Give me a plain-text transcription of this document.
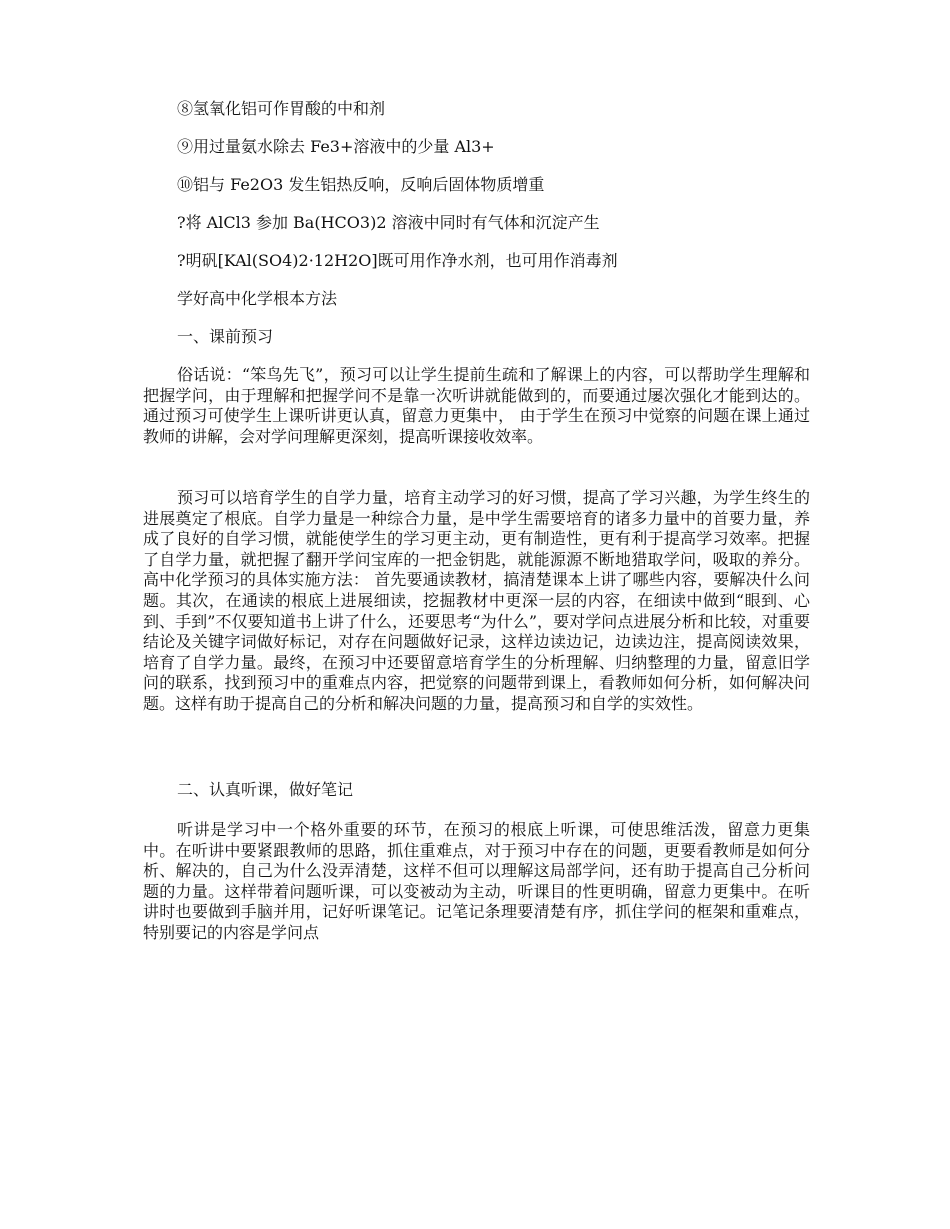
⑧氢氧化铝可作胃酸的中和剂

⑨用过量氨水除去 Fe3+溶液中的少量 Al3+

⑩铝与 Fe2O3 发生铝热反响，反响后固体物质增重

?将 AlCl3 参加 Ba(HCO3)2 溶液中同时有气体和沉淀产生

?明矾[KAl(SO4)2·12H2O]既可用作净水剂，也可用作消毒剂

学好高中化学根本方法

一、课前预习

俗话说：“笨鸟先飞”，预习可以让学生提前生疏和了解课上的内容，可以帮助学生理解和把握学问，由于理解和把握学问不是靠一次听讲就能做到的，而要通过屡次强化才能到达的。通过预习可使学生上课听讲更认真，留意力更集中， 由于学生在预习中觉察的问题在课上通过教师的讲解，会对学问理解更深刻，提高听课接收效率。

预习可以培育学生的自学力量，培育主动学习的好习惯，提高了学习兴趣，为学生终生的进展奠定了根底。自学力量是一种综合力量，是中学生需要培育的诸多力量中的首要力量，养成了良好的自学习惯，就能使学生的学习更主动，更有制造性，更有利于提高学习效率。把握了自学力量，就把握了翻开学问宝库的一把金钥匙，就能源源不断地猎取学问，吸取的养分。高中化学预习的具体实施方法： 首先要通读教材，搞清楚课本上讲了哪些内容，要解决什么问题。其次，在通读的根底上进展细读，挖掘教材中更深一层的内容，在细读中做到“眼到、心到、手到”不仅要知道书上讲了什么，还要思考“为什么”，要对学问点进展分析和比较，对重要结论及关键字词做好标记，对存在问题做好记录，这样边读边记，边读边注，提高阅读效果，培育了自学力量。最终，在预习中还要留意培育学生的分析理解、归纳整理的力量，留意旧学问的联系，找到预习中的重难点内容，把觉察的问题带到课上，看教师如何分析，如何解决问题。这样有助于提高自己的分析和解决问题的力量，提高预习和自学的实效性。

二、认真听课，做好笔记

听讲是学习中一个格外重要的环节，在预习的根底上听课，可使思维活泼，留意力更集中。在听讲中要紧跟教师的思路，抓住重难点，对于预习中存在的问题，更要看教师是如何分析、解决的，自己为什么没弄清楚，这样不但可以理解这局部学问，还有助于提高自己分析问题的力量。这样带着问题听课，可以变被动为主动，听课目的性更明确，留意力更集中。在听讲时也要做到手脑并用，记好听课笔记。记笔记条理要清楚有序，抓住学问的框架和重难点，特别要记的内容是学问点
